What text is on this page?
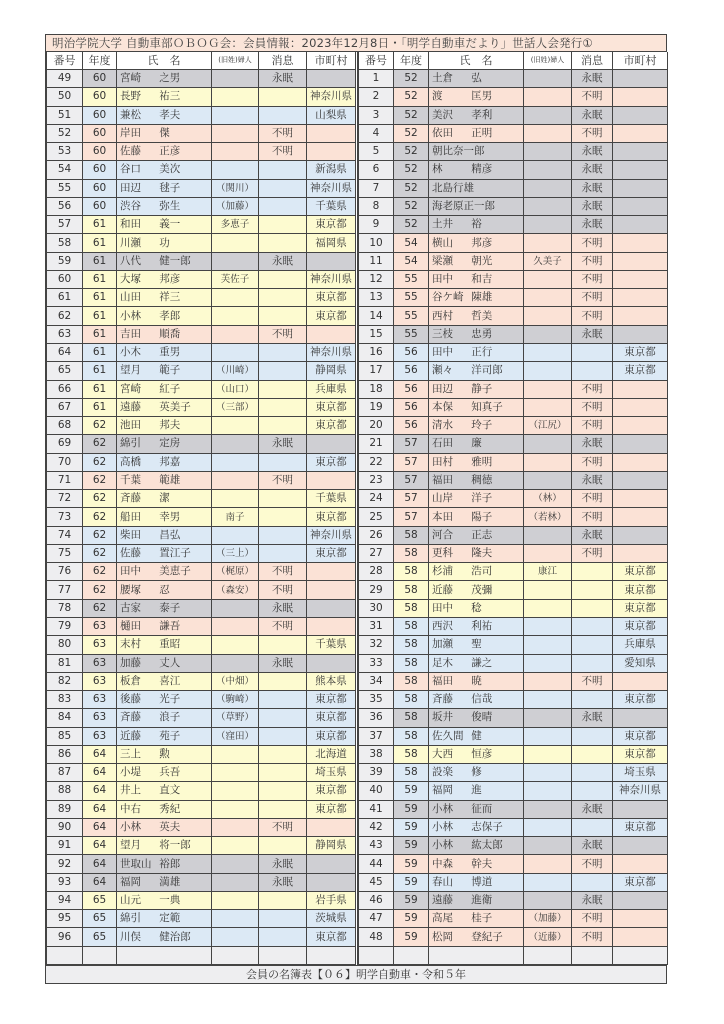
明治学院大学 自動車部ＯＢＯＧ会：会員情報：2023年12月8日・「明学自動車だより」世話人会発行①
番号	年度	氏　名	(旧姓)婦人	消息	市町村
49	60	宮崎  之男		永眠	
50	60	長野  祐三			神奈川県
51	60	兼松  孝夫			山梨県
52	60	岸田  傑		不明	
53	60	佐藤  正彦		不明	
54	60	谷口  美次			新潟県
55	60	田辺  毬子	（関川）		神奈川県
56	60	渋谷  弥生	（加藤）		千葉県
57	61	和田  義一	多恵子		東京都
58	61	川瀬  功			福岡県
59	61	八代  健一郎		永眠	
60	61	大塚  邦彦	芙佐子		神奈川県
61	61	山田  祥三			東京都
62	61	小林  孝郎			東京都
63	61	吉田  順喬		不明	
64	61	小木  重男			神奈川県
65	61	望月  範子	（川崎）		静岡県
66	61	宮崎  紅子	（山口）		兵庫県
67	61	遠藤  英美子	（三部）		東京都
68	62	池田  邦夫			東京都
69	62	綿引  定房		永眠	
70	62	高橋  邦嘉			東京都
71	62	千葉  範雄		不明	
72	62	斉藤  潔			千葉県
73	62	船田  幸男	南子		東京都
74	62	柴田  昌弘			神奈川県
75	62	佐藤  置江子	（三上）		東京都
76	62	田中  美恵子	（梶原）	不明	
77	62	腰塚  忍	（森安）	不明	
78	62	古家  泰子		永眠	
79	63	樋田  謙吾		不明	
80	63	末村  重昭			千葉県
81	63	加藤  丈人		永眠	
82	63	板倉  喜江	（中畑）		熊本県
83	63	後藤  光子	（駒崎）		東京都
84	63	斉藤  浪子	（草野）		東京都
85	63	近藤  苑子	（窪田）		東京都
86	64	三上  勲			北海道
87	64	小堤  兵吾			埼玉県
88	64	井上  直文			東京都
89	64	中右  秀紀			東京都
90	64	小林  英夫		不明	
91	64	望月  将一郎			静岡県
92	64	世取山  裕郎		永眠	
93	64	福岡  満雄		永眠	
94	65	山元  一典			岩手県
95	65	綿引  定範			茨城県
96	65	川俣  健治郎			東京都

番号	年度	氏　名	(旧姓)婦人	消息	市町村
1	52	土倉  弘		永眠	
2	52	渡  匡男		不明	
3	52	美沢  孝利		永眠	
4	52	依田  正明		不明	
5	52	朝比奈一郎		永眠	
6	52	林  精彦		永眠	
7	52	北島行雄		永眠	
8	52	海老原正一郎		永眠	
9	52	土井  裕		永眠	
10	54	横山  邦彦		不明	
11	54	梁瀬  朝光	久美子	不明	
12	55	田中  和吉		不明	
13	55	谷ケ崎  陳雄		不明	
14	55	西村  哲美		不明	
15	55	三枝  忠勇		永眠	
16	56	田中  正行			東京都
17	56	瀬々  洋司郎			東京都
18	56	田辺  静子		不明	
19	56	本保  知真子		不明	
20	56	清水  玲子	（江尻）	不明	
21	57	石田  廉		永眠	
22	57	田村  雅明		不明	
23	57	福田  稠徳		永眠	
24	57	山岸  洋子	（林）	不明	
25	57	本田  陽子	（若林）	不明	
26	58	河合  正志		永眠	
27	58	更科  隆夫		不明	
28	58	杉浦  浩司	康江		東京都
29	58	近藤  茂彌			東京都
30	58	田中  稔			東京都
31	58	西沢  利祐			東京都
32	58	加瀬  聖			兵庫県
33	58	足木  謙之			愛知県
34	58	福田  暁		不明	
35	58	斉藤  信哉			東京都
36	58	坂井  俊晴		永眠	
37	58	佐久間  健			東京都
38	58	大西  恒彦			東京都
39	58	設楽  修			埼玉県
40	59	福岡  進			神奈川県
41	59	小林  征而		永眠	
42	59	小林  志保子			東京都
43	59	小林  紘太郎		永眠	
44	59	中森  幹夫		不明	
45	59	春山  博道			東京都
46	59	遠藤  進衛		永眠	
47	59	高尾  桂子	（加藤）	不明	
48	59	松岡  登紀子	（近藤）	不明	

会員の名簿表【０６】明学自動車・令和５年
